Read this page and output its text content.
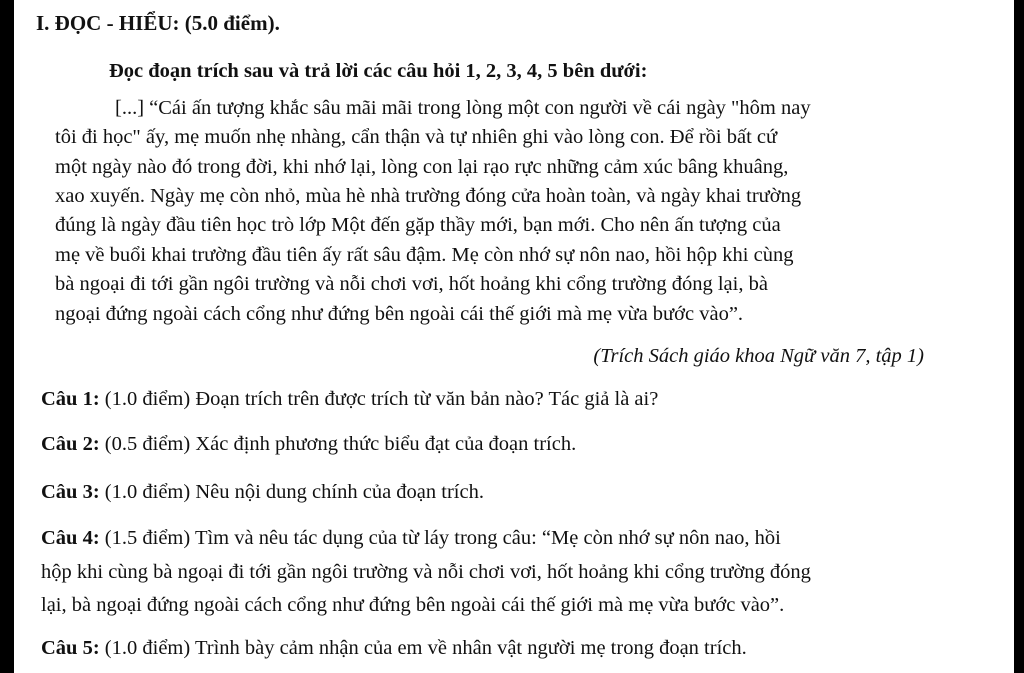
I. ĐỌC - HIỂU: (5.0 điểm).
Đọc đoạn trích sau và trả lời các câu hỏi 1, 2, 3, 4, 5 bên dưới:
[...] “Cái ấn tượng khắc sâu mãi mãi trong lòng một con người về cái ngày "hôm nay
tôi đi học" ấy, mẹ muốn nhẹ nhàng, cẩn thận và tự nhiên ghi vào lòng con. Để rồi bất cứ
một ngày nào đó trong đời, khi nhớ lại, lòng con lại rạo rực những cảm xúc bâng khuâng,
xao xuyến. Ngày mẹ còn nhỏ, mùa hè nhà trường đóng cửa hoàn toàn, và ngày khai trường
đúng là ngày đầu tiên học trò lớp Một đến gặp thầy mới, bạn mới. Cho nên ấn tượng của
mẹ về buổi khai trường đầu tiên ấy rất sâu đậm. Mẹ còn nhớ sự nôn nao, hồi hộp khi cùng
bà ngoại đi tới gần ngôi trường và nỗi chơi vơi, hốt hoảng khi cổng trường đóng lại, bà
ngoại đứng ngoài cách cổng như đứng bên ngoài cái thế giới mà mẹ vừa bước vào”.
(Trích Sách giáo khoa Ngữ văn 7, tập 1)
Câu 1: (1.0 điểm) Đoạn trích trên được trích từ văn bản nào? Tác giả là ai?
Câu 2: (0.5 điểm) Xác định phương thức biểu đạt của đoạn trích.
Câu 3: (1.0 điểm) Nêu nội dung chính của đoạn trích.
Câu 4: (1.5 điểm) Tìm và nêu tác dụng của từ láy trong câu: “Mẹ còn nhớ sự nôn nao, hồi
hộp khi cùng bà ngoại đi tới gần ngôi trường và nỗi chơi vơi, hốt hoảng khi cổng trường đóng
lại, bà ngoại đứng ngoài cách cổng như đứng bên ngoài cái thế giới mà mẹ vừa bước vào”.
Câu 5: (1.0 điểm) Trình bày cảm nhận của em về nhân vật người mẹ trong đoạn trích.
